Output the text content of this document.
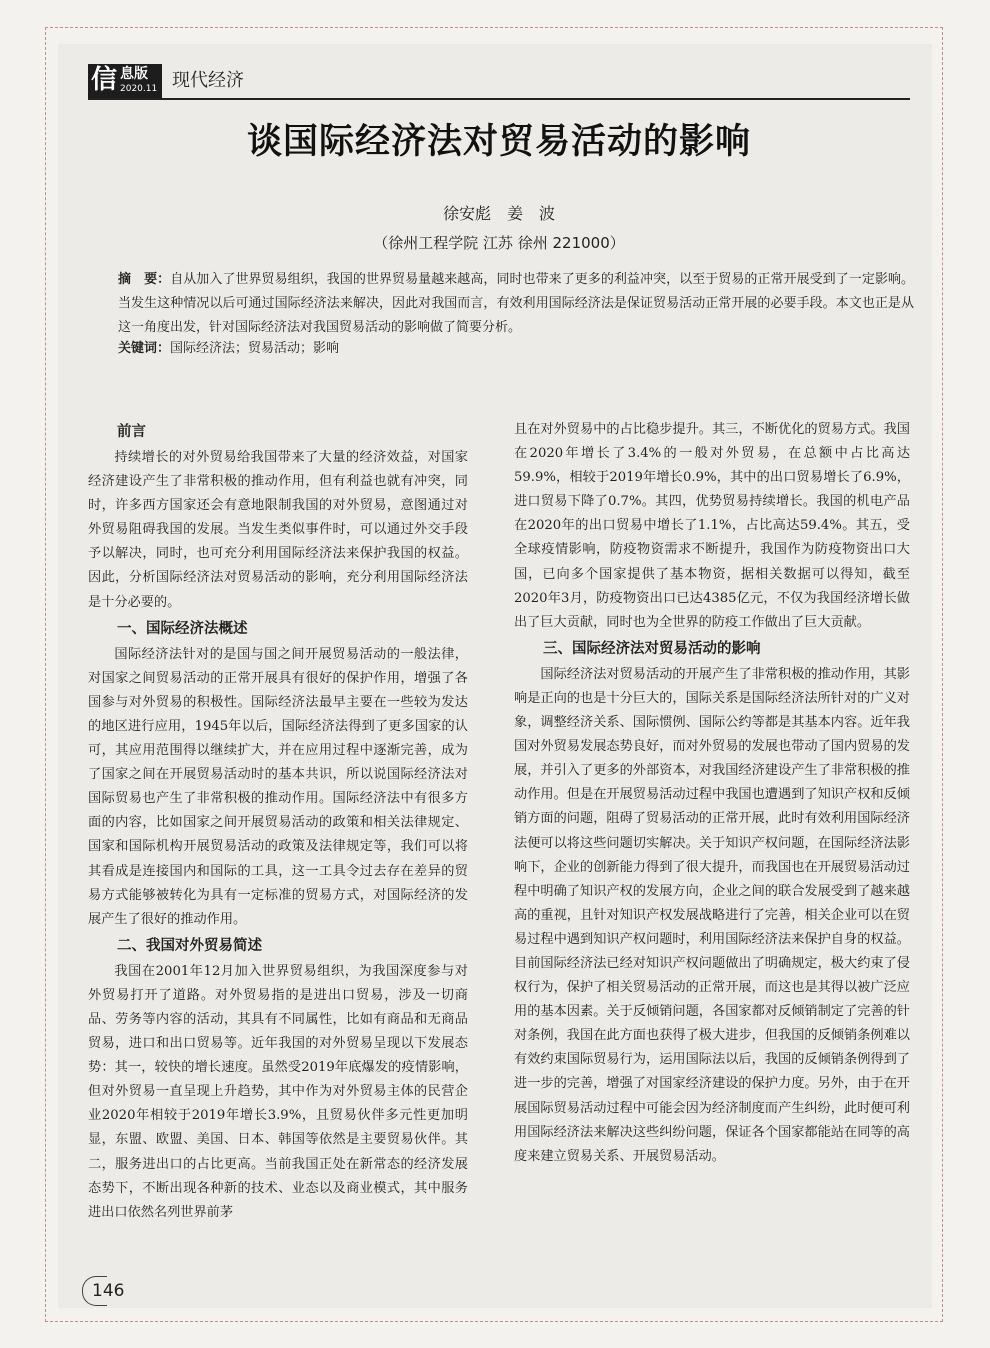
信 息版
2020.11 现代经济
谈国际经济法对贸易活动的影响
徐安彪　姜　波
（徐州工程学院 江苏 徐州 221000）
摘　要：自从加入了世界贸易组织，我国的世界贸易量越来越高，同时也带来了更多的利益冲突，以至于贸易的正常开展受到了一定影响。当发生这种情况以后可通过国际经济法来解决，因此对我国而言，有效利用国际经济法是保证贸易活动正常开展的必要手段。本文也正是从这一角度出发，针对国际经济法对我国贸易活动的影响做了简要分析。
关键词：国际经济法；贸易活动；影响
前言

持续增长的对外贸易给我国带来了大量的经济效益，对国家经济建设产生了非常积极的推动作用，但有利益也就有冲突，同时，许多西方国家还会有意地限制我国的对外贸易，意图通过对外贸易阻碍我国的发展。当发生类似事件时，可以通过外交手段予以解决，同时，也可充分利用国际经济法来保护我国的权益。因此，分析国际经济法对贸易活动的影响，充分利用国际经济法是十分必要的。

一、国际经济法概述

国际经济法针对的是国与国之间开展贸易活动的一般法律，对国家之间贸易活动的正常开展具有很好的保护作用，增强了各国参与对外贸易的积极性。国际经济法最早主要在一些较为发达的地区进行应用，1945年以后，国际经济法得到了更多国家的认可，其应用范围得以继续扩大，并在应用过程中逐渐完善，成为了国家之间在开展贸易活动时的基本共识，所以说国际经济法对国际贸易也产生了非常积极的推动作用。国际经济法中有很多方面的内容，比如国家之间开展贸易活动的政策和相关法律规定、国家和国际机构开展贸易活动的政策及法律规定等，我们可以将其看成是连接国内和国际的工具，这一工具令过去存在差异的贸易方式能够被转化为具有一定标准的贸易方式，对国际经济的发展产生了很好的推动作用。

二、我国对外贸易简述

我国在2001年12月加入世界贸易组织，为我国深度参与对外贸易打开了道路。对外贸易指的是进出口贸易，涉及一切商品、劳务等内容的活动，其具有不同属性，比如有商品和无商品贸易，进口和出口贸易等。近年我国的对外贸易呈现以下发展态势：其一，较快的增长速度。虽然受2019年底爆发的疫情影响，但对外贸易一直呈现上升趋势，其中作为对外贸易主体的民营企业2020年相较于2019年增长3.9%，且贸易伙伴多元性更加明显，东盟、欧盟、美国、日本、韩国等依然是主要贸易伙伴。其二，服务进出口的占比更高。当前我国正处在新常态的经济发展态势下，不断出现各种新的技术、业态以及商业模式，其中服务进出口依然名列世界前茅

且在对外贸易中的占比稳步提升。其三，不断优化的贸易方式。我国在2020年增长了3.4%的一般对外贸易，在总额中占比高达59.9%，相较于2019年增长0.9%，其中的出口贸易增长了6.9%，进口贸易下降了0.7%。其四，优势贸易持续增长。我国的机电产品在2020年的出口贸易中增长了1.1%，占比高达59.4%。其五，受全球疫情影响，防疫物资需求不断提升，我国作为防疫物资出口大国，已向多个国家提供了基本物资，据相关数据可以得知，截至2020年3月，防疫物资出口已达4385亿元，不仅为我国经济增长做出了巨大贡献，同时也为全世界的防疫工作做出了巨大贡献。

三、国际经济法对贸易活动的影响

国际经济法对贸易活动的开展产生了非常积极的推动作用，其影响是正向的也是十分巨大的，国际关系是国际经济法所针对的广义对象，调整经济关系、国际惯例、国际公约等都是其基本内容。近年我国对外贸易发展态势良好，而对外贸易的发展也带动了国内贸易的发展，并引入了更多的外部资本，对我国经济建设产生了非常积极的推动作用。但是在开展贸易活动过程中我国也遭遇到了知识产权和反倾销方面的问题，阻碍了贸易活动的正常开展，此时有效利用国际经济法便可以将这些问题切实解决。关于知识产权问题，在国际经济法影响下，企业的创新能力得到了很大提升，而我国也在开展贸易活动过程中明确了知识产权的发展方向，企业之间的联合发展受到了越来越高的重视，且针对知识产权发展战略进行了完善，相关企业可以在贸易过程中遇到知识产权问题时，利用国际经济法来保护自身的权益。目前国际经济法已经对知识产权问题做出了明确规定，极大约束了侵权行为，保护了相关贸易活动的正常开展，而这也是其得以被广泛应用的基本因素。关于反倾销问题，各国家都对反倾销制定了完善的针对条例，我国在此方面也获得了极大进步，但我国的反倾销条例难以有效约束国际贸易行为，运用国际法以后，我国的反倾销条例得到了进一步的完善，增强了对国家经济建设的保护力度。另外，由于在开展国际贸易活动过程中可能会因为经济制度而产生纠纷，此时便可利用国际经济法来解决这些纠纷问题，保证各个国家都能站在同等的高度来建立贸易关系、开展贸易活动。

146
